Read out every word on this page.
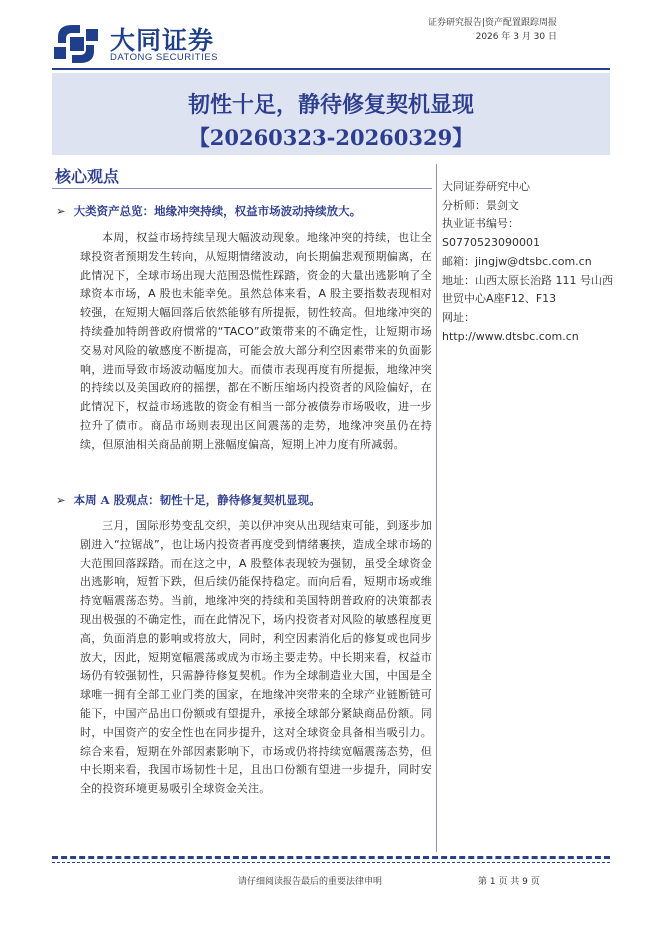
大同证券
DATONG SECURITIES
证券研究报告|资产配置跟踪周报
2026 年 3 月 30 日
韧性十足，静待修复契机显现
【20260323-20260329】
核心观点
➢ 大类资产总览：地缘冲突持续，权益市场波动持续放大。
本周，权益市场持续呈现大幅波动现象。地缘冲突的持续，也让全球投资者预期发生转向，从短期情绪波动，向长期偏悲观预期偏离，在此情况下，全球市场出现大范围恐慌性踩踏，资金的大量出逃影响了全球资本市场，A 股也未能幸免。虽然总体来看，A 股主要指数表现相对较强，在短期大幅回落后依然能够有所提振，韧性较高。但地缘冲突的持续叠加特朗普政府惯常的“TACO”政策带来的不确定性，让短期市场交易对风险的敏感度不断提高，可能会放大部分利空因素带来的负面影响，进而导致市场波动幅度加大。而债市表现再度有所提振，地缘冲突的持续以及美国政府的摇摆，都在不断压缩场内投资者的风险偏好，在此情况下，权益市场逃散的资金有相当一部分被债券市场吸收，进一步拉升了债市。商品市场则表现出区间震荡的走势，地缘冲突虽仍在持续，但原油相关商品前期上涨幅度偏高，短期上冲力度有所减弱。
➢ 本周 A 股观点：韧性十足，静待修复契机显现。
三月，国际形势变乱交织，美以伊冲突从出现结束可能，到逐步加剧进入“拉锯战”，也让场内投资者再度受到情绪裹挟，造成全球市场的大范围回落踩踏。而在这之中，A 股整体表现较为强韧，虽受全球资金出逃影响，短暂下跌，但后续仍能保持稳定。而向后看，短期市场或维持宽幅震荡态势。当前，地缘冲突的持续和美国特朗普政府的决策都表现出极强的不确定性，而在此情况下，场内投资者对风险的敏感程度更高，负面消息的影响或将放大，同时，利空因素消化后的修复或也同步放大，因此，短期宽幅震荡或成为市场主要走势。中长期来看，权益市场仍有较强韧性，只需静待修复契机。作为全球制造业大国，中国是全球唯一拥有全部工业门类的国家，在地缘冲突带来的全球产业链断链可能下，中国产品出口份额或有望提升，承接全球部分紧缺商品份额。同时，中国资产的安全性也在同步提升，这对全球资金具备相当吸引力。综合来看，短期在外部因素影响下，市场或仍将持续宽幅震荡态势，但中长期来看，我国市场韧性十足，且出口份额有望进一步提升，同时安全的投资环境更易吸引全球资金关注。
大同证券研究中心
分析师：景剑文
执业证书编号：
S0770523090001
邮箱：jingjw@dtsbc.com.cn
地址：山西太原长治路 111 号山西世贸中心A座F12、F13
网址：
http://www.dtsbc.com.cn
请仔细阅读报告最后的重要法律申明	第 1 页 共 9 页
